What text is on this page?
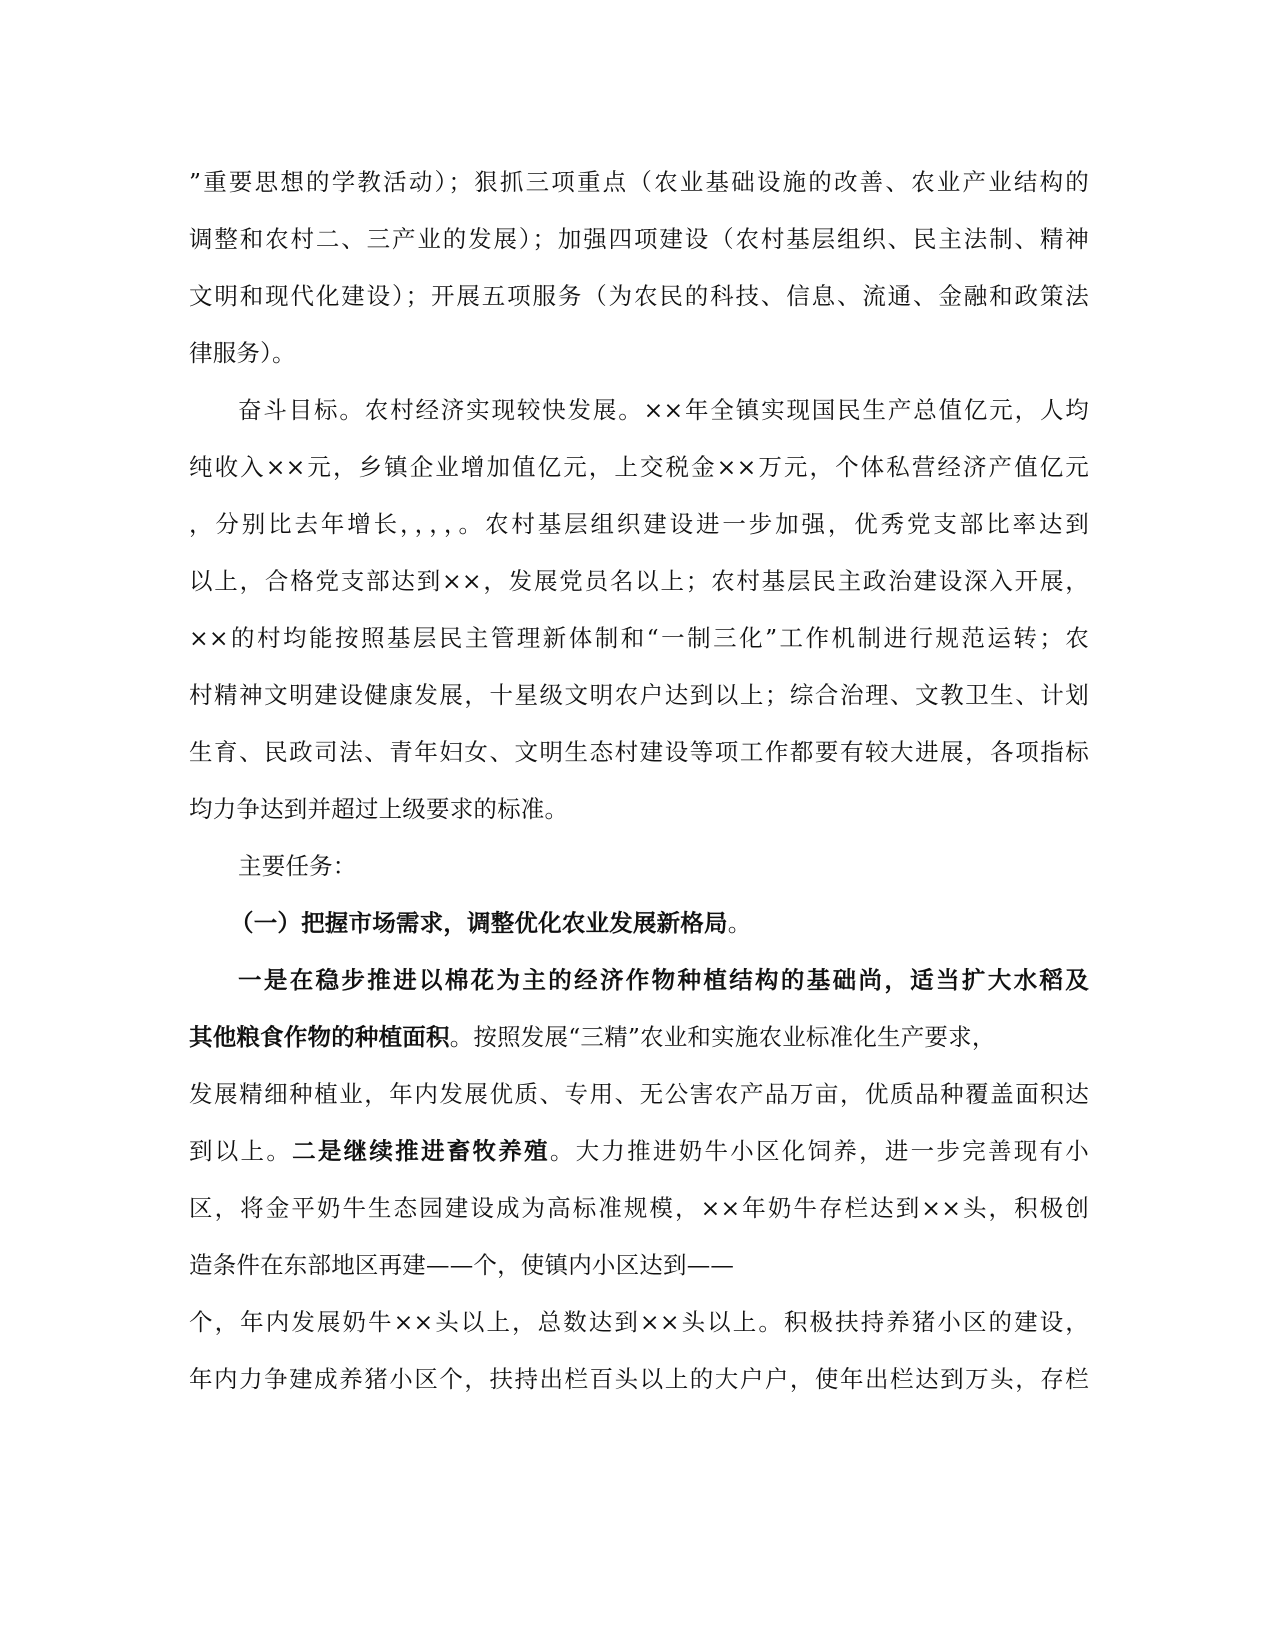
”重要思想的学教活动）；狠抓三项重点（农业基础设施的改善、农业产业结构的
调整和农村二、三产业的发展）；加强四项建设（农村基层组织、民主法制、精神
文明和现代化建设）；开展五项服务（为农民的科技、信息、流通、金融和政策法
律服务）。
奋斗目标。农村经济实现较快发展。××年全镇实现国民生产总值亿元，人均
纯收入××元，乡镇企业增加值亿元，上交税金××万元，个体私营经济产值亿元
，分别比去年增长，，，，。农村基层组织建设进一步加强，优秀党支部比率达到
以上，合格党支部达到××，发展党员名以上；农村基层民主政治建设深入开展，
××的村均能按照基层民主管理新体制和“一制三化”工作机制进行规范运转；农
村精神文明建设健康发展，十星级文明农户达到以上；综合治理、文教卫生、计划
生育、民政司法、青年妇女、文明生态村建设等项工作都要有较大进展，各项指标
均力争达到并超过上级要求的标准。
主要任务：
（一）把握市场需求，调整优化农业发展新格局。
一是在稳步推进以棉花为主的经济作物种植结构的基础尚，适当扩大水稻及
其他粮食作物的种植面积。按照发展“三精”农业和实施农业标准化生产要求，
发展精细种植业，年内发展优质、专用、无公害农产品万亩，优质品种覆盖面积达
到以上。二是继续推进畜牧养殖。大力推进奶牛小区化饲养，进一步完善现有小
区，将金平奶牛生态园建设成为高标准规模，××年奶牛存栏达到××头，积极创
造条件在东部地区再建——个，使镇内小区达到——
个，年内发展奶牛××头以上，总数达到××头以上。积极扶持养猪小区的建设，
年内力争建成养猪小区个，扶持出栏百头以上的大户户，使年出栏达到万头，存栏
